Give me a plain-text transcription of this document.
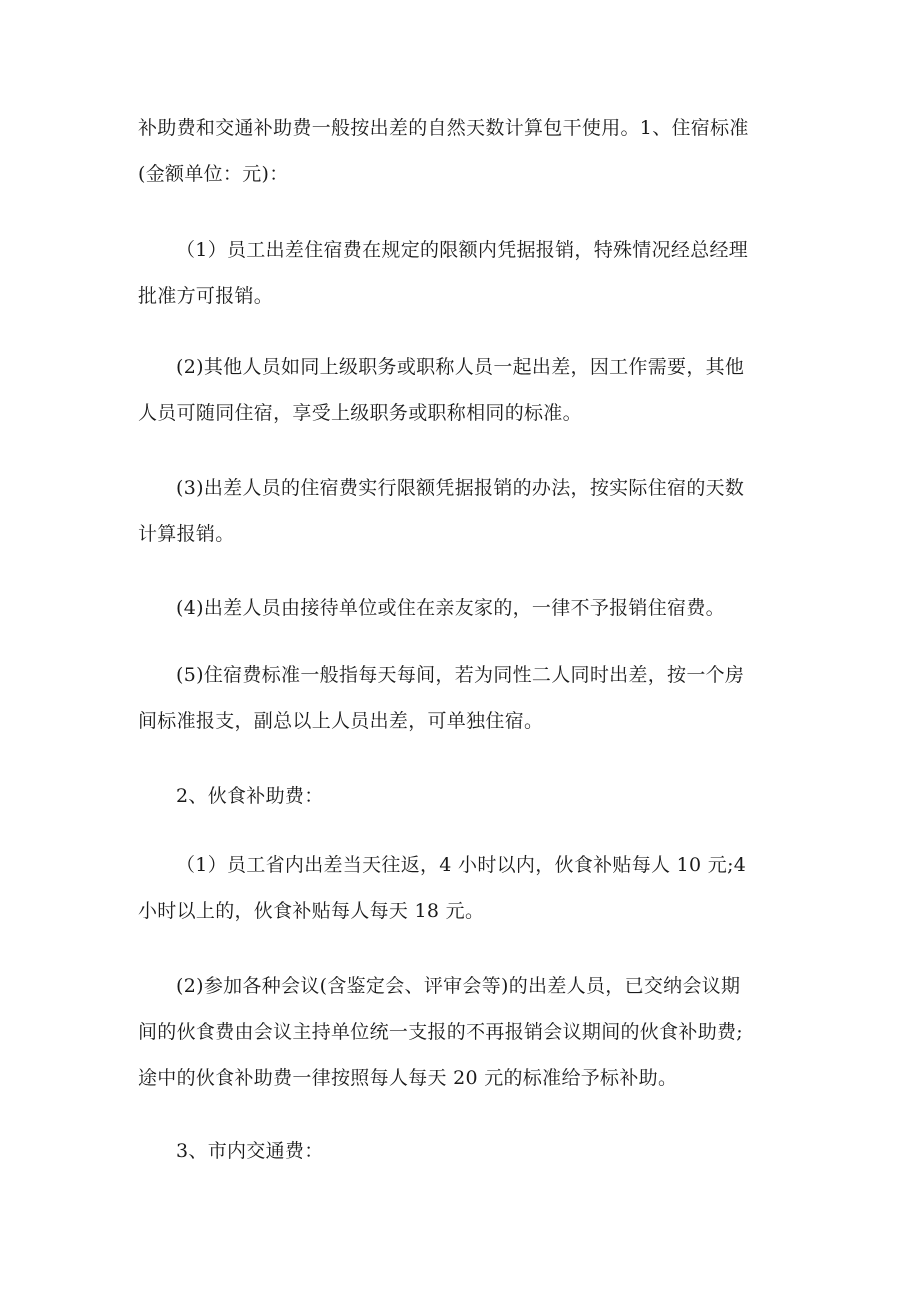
补助费和交通补助费一般按出差的自然天数计算包干使用。1、住宿标准
(金额单位：元)：

（1）员工出差住宿费在规定的限额内凭据报销，特殊情况经总经理
批准方可报销。

(2)其他人员如同上级职务或职称人员一起出差，因工作需要，其他
人员可随同住宿，享受上级职务或职称相同的标准。

(3)出差人员的住宿费实行限额凭据报销的办法，按实际住宿的天数
计算报销。

(4)出差人员由接待单位或住在亲友家的，一律不予报销住宿费。

(5)住宿费标准一般指每天每间，若为同性二人同时出差，按一个房
间标准报支，副总以上人员出差，可单独住宿。

2、伙食补助费：

（1）员工省内出差当天往返，4 小时以内，伙食补贴每人 10 元;4
小时以上的，伙食补贴每人每天 18 元。

(2)参加各种会议(含鉴定会、评审会等)的出差人员，已交纳会议期
间的伙食费由会议主持单位统一支报的不再报销会议期间的伙食补助费;
途中的伙食补助费一律按照每人每天 20 元的标准给予标补助。

3、市内交通费：
